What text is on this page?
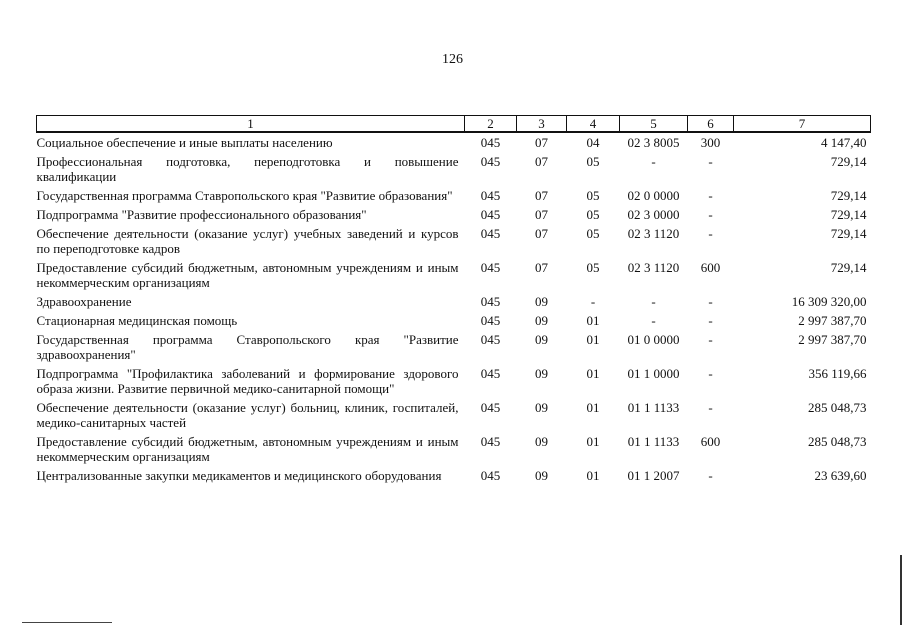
126
1	2	3	4	5	6	7
Социальное обеспечение и иные выплаты населению	045	07	04	02 3 8005	300	4 147,40
Профессиональная подготовка, переподготовка и повышение квалификации	045	07	05	-	-	729,14
Государственная программа Ставропольского края "Развитие образования"	045	07	05	02 0 0000	-	729,14
Подпрограмма "Развитие профессионального образования"	045	07	05	02 3 0000	-	729,14
Обеспечение деятельности (оказание услуг) учебных заведений и курсов по переподготовке кадров	045	07	05	02 3 1120	-	729,14
Предоставление субсидий бюджетным, автономным учреждениям и иным некоммерческим организациям	045	07	05	02 3 1120	600	729,14
Здравоохранение	045	09	-	-	-	16 309 320,00
Стационарная медицинская помощь	045	09	01	-	-	2 997 387,70
Государственная программа Ставропольского края "Развитие здравоохранения"	045	09	01	01 0 0000	-	2 997 387,70
Подпрограмма "Профилактика заболеваний и формирование здорового образа жизни. Развитие первичной медико-санитарной помощи"	045	09	01	01 1 0000	-	356 119,66
Обеспечение деятельности (оказание услуг) больниц, клиник, госпиталей, медико-санитарных частей	045	09	01	01 1 1133	-	285 048,73
Предоставление субсидий бюджетным, автономным учреждениям и иным некоммерческим организациям	045	09	01	01 1 1133	600	285 048,73
Централизованные закупки медикаментов и медицинского оборудования	045	09	01	01 1 2007	-	23 639,60
